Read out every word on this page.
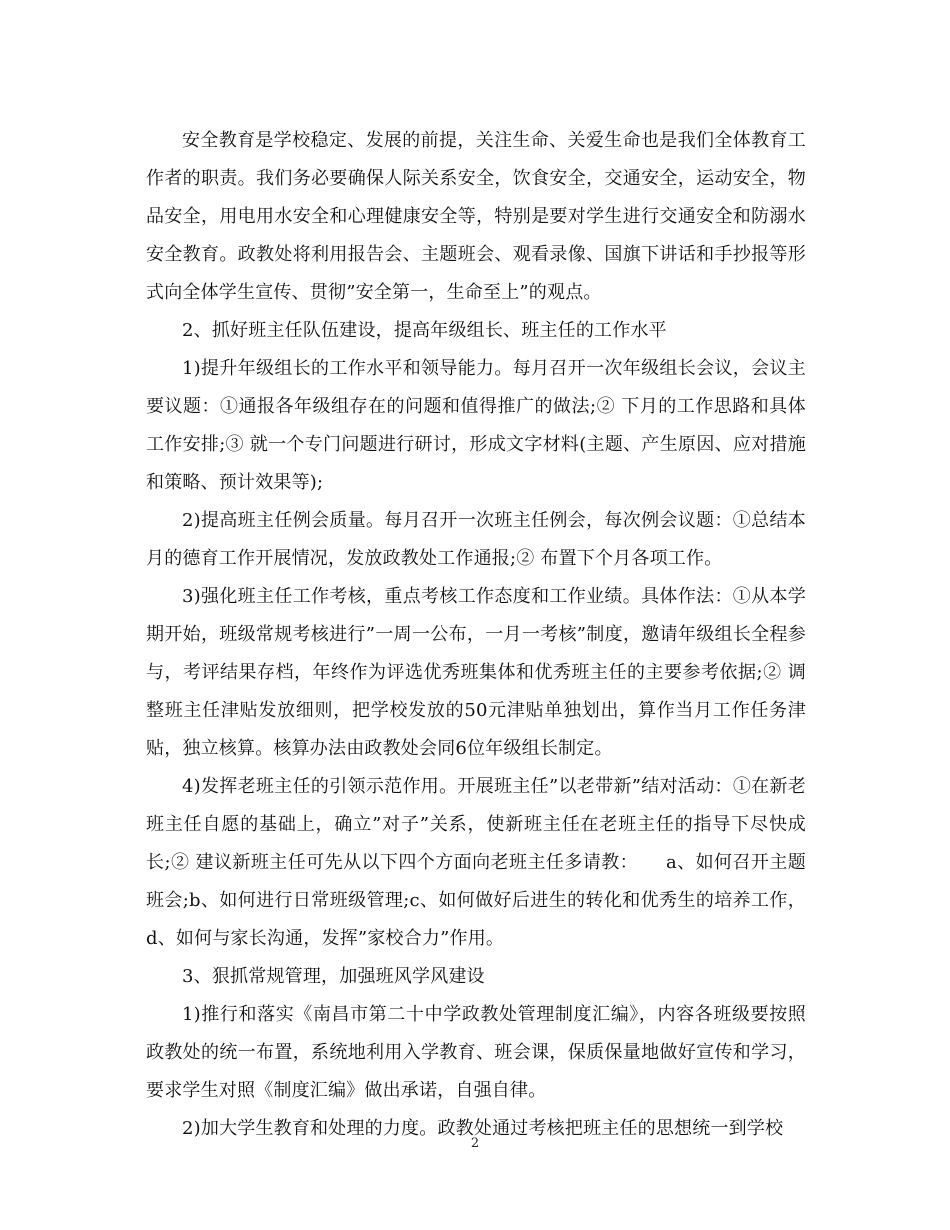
安全教育是学校稳定、发展的前提，关注生命、关爱生命也是我们全体教育工作者的职责。我们务必要确保人际关系安全，饮食安全，交通安全，运动安全，物品安全，用电用水安全和心理健康安全等，特别是要对学生进行交通安全和防溺水安全教育。政教处将利用报告会、主题班会、观看录像、国旗下讲话和手抄报等形式向全体学生宣传、贯彻”安全第一，生命至上”的观点。

2、抓好班主任队伍建设，提高年级组长、班主任的工作水平

1)提升年级组长的工作水平和领导能力。每月召开一次年级组长会议，会议主要议题：①通报各年级组存在的问题和值得推广的做法;② 下月的工作思路和具体工作安排;③ 就一个专门问题进行研讨，形成文字材料(主题、产生原因、应对措施和策略、预计效果等);

2)提高班主任例会质量。每月召开一次班主任例会，每次例会议题：①总结本月的德育工作开展情况，发放政教处工作通报;② 布置下个月各项工作。

3)强化班主任工作考核，重点考核工作态度和工作业绩。具体作法：①从本学期开始，班级常规考核进行”一周一公布，一月一考核”制度，邀请年级组长全程参与，考评结果存档，年终作为评选优秀班集体和优秀班主任的主要参考依据;② 调整班主任津贴发放细则，把学校发放的50元津贴单独划出，算作当月工作任务津贴，独立核算。核算办法由政教处会同6位年级组长制定。

4)发挥老班主任的引领示范作用。开展班主任”以老带新”结对活动：①在新老班主任自愿的基础上，确立”对子”关系，使新班主任在老班主任的指导下尽快成长;② 建议新班主任可先从以下四个方面向老班主任多请教：　　a、如何召开主题班会;b、如何进行日常班级管理;c、如何做好后进生的转化和优秀生的培养工作，d、如何与家长沟通，发挥”家校合力”作用。

3、狠抓常规管理，加强班风学风建设

1)推行和落实《南昌市第二十中学政教处管理制度汇编》，内容各班级要按照政教处的统一布置，系统地利用入学教育、班会课，保质保量地做好宣传和学习，要求学生对照《制度汇编》做出承诺，自强自律。

2)加大学生教育和处理的力度。政教处通过考核把班主任的思想统一到学校

2
